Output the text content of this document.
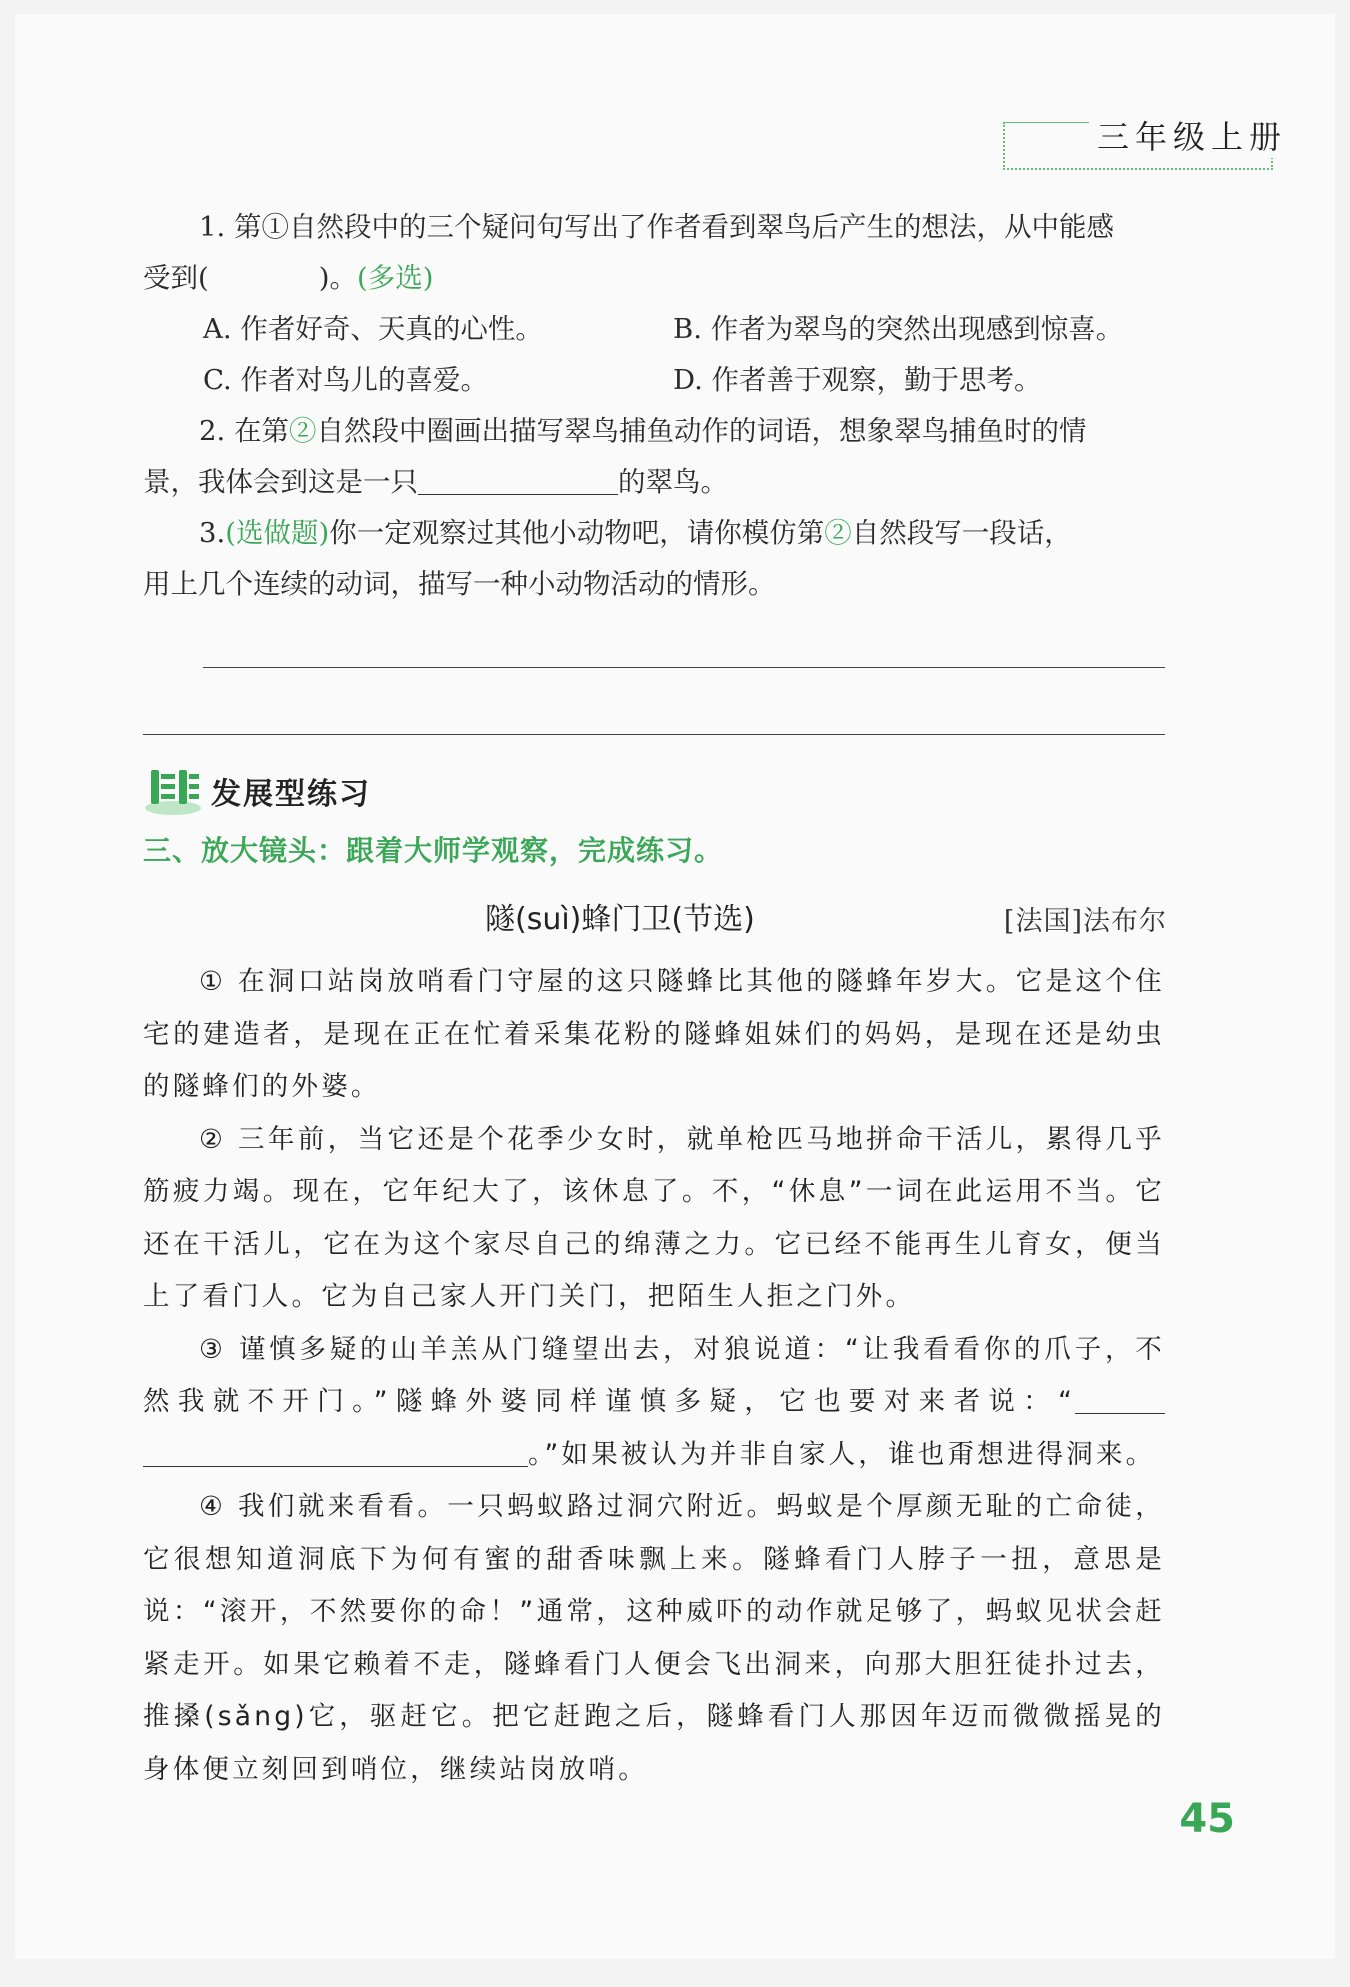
三年级上册
1. 第①自然段中的三个疑问句写出了作者看到翠鸟后产生的想法，从中能感
受到(	)。(多选)
A. 作者好奇、天真的心性。	B. 作者为翠鸟的突然出现感到惊喜。
C. 作者对鸟儿的喜爱。	D. 作者善于观察，勤于思考。
2. 在第②自然段中圈画出描写翠鸟捕鱼动作的词语，想象翠鸟捕鱼时的情
景，我体会到这是一只	的翠鸟。
3.(选做题)你一定观察过其他小动物吧，请你模仿第②自然段写一段话，
用上几个连续的动词，描写一种小动物活动的情形。
发展型练习
三、放大镜头：跟着大师学观察，完成练习。
隧(suì)蜂门卫(节选)	[法国]法布尔

① 在洞口站岗放哨看门守屋的这只隧蜂比其他的隧蜂年岁大。它是这个住宅的建造者，是现在正在忙着采集花粉的隧蜂姐妹们的妈妈，是现在还是幼虫的隧蜂们的外婆。

② 三年前，当它还是个花季少女时，就单枪匹马地拼命干活儿，累得几乎筋疲力竭。现在，它年纪大了，该休息了。不，“休息”一词在此运用不当。它还在干活儿，它在为这个家尽自己的绵薄之力。它已经不能再生儿育女，便当上了看门人。它为自己家人开门关门，把陌生人拒之门外。

③ 谨慎多疑的山羊羔从门缝望出去，对狼说道：“让我看看你的爪子，不然我就不开门。”隧蜂外婆同样谨慎多疑，它也要对来者说：“ 。”如果被认为并非自家人，谁也甭想进得洞来。

④ 我们就来看看。一只蚂蚁路过洞穴附近。蚂蚁是个厚颜无耻的亡命徒，它很想知道洞底下为何有蜜的甜香味飘上来。隧蜂看门人脖子一扭，意思是说：“滚开，不然要你的命！”通常，这种威吓的动作就足够了，蚂蚁见状会赶紧走开。如果它赖着不走，隧蜂看门人便会飞出洞来，向那大胆狂徒扑过去，推搡(sǎng)它，驱赶它。把它赶跑之后，隧蜂看门人那因年迈而微微摇晃的身体便立刻回到哨位，继续站岗放哨。

45
